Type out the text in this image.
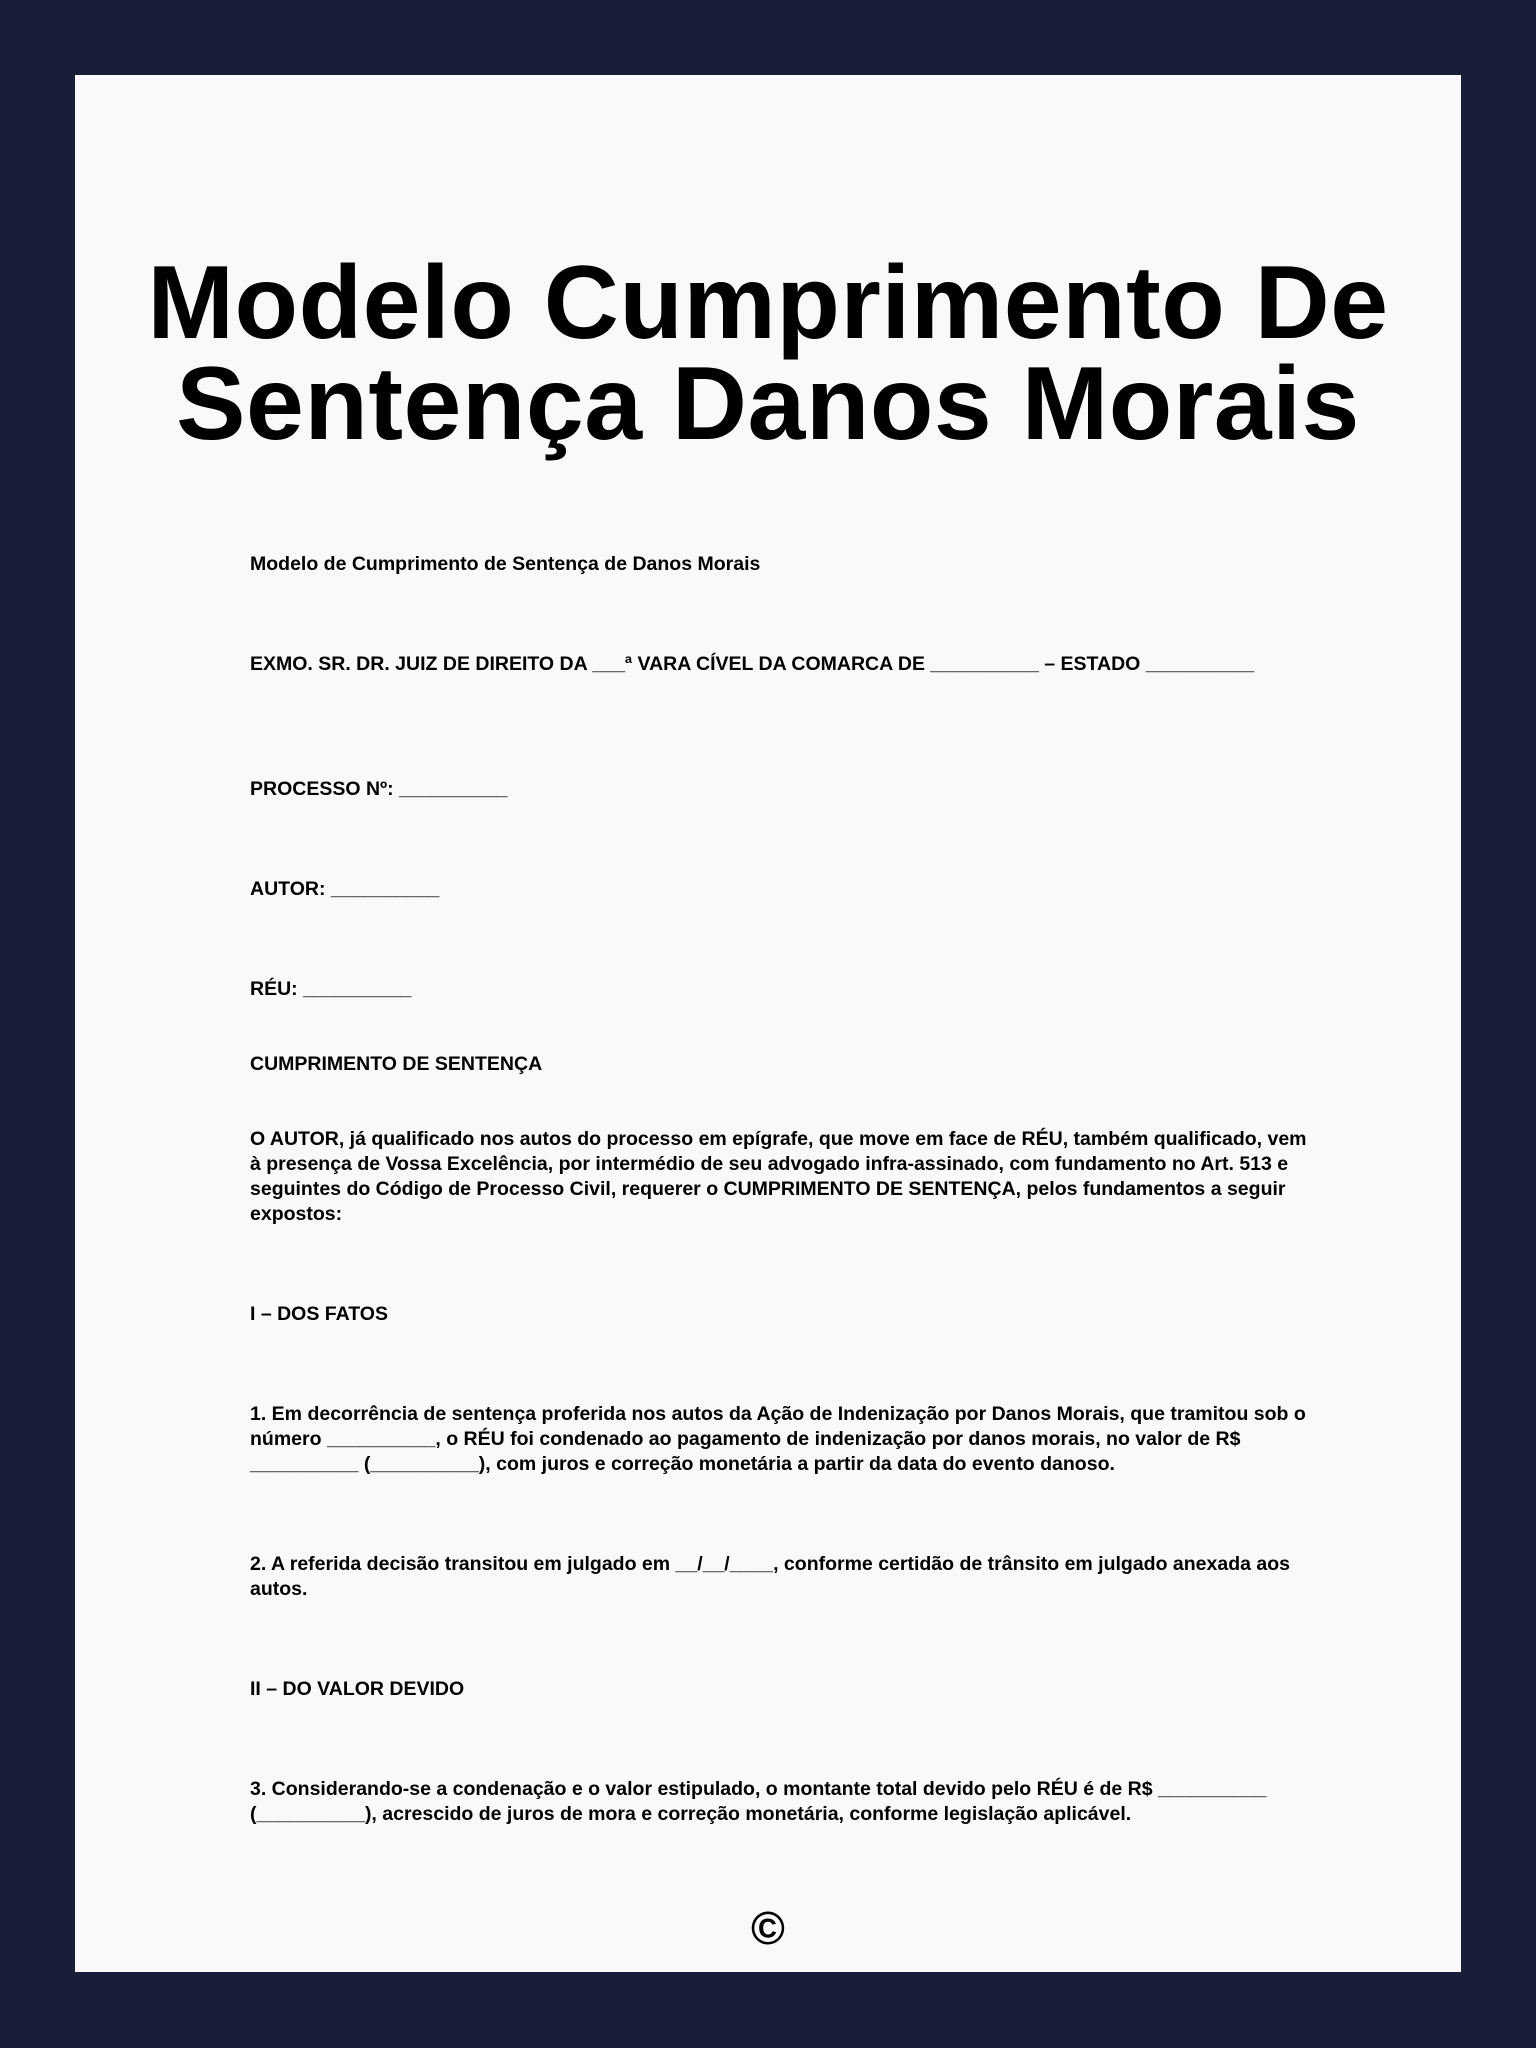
Modelo Cumprimento De
Sentença Danos Morais

Modelo de Cumprimento de Sentença de Danos Morais

EXMO. SR. DR. JUIZ DE DIREITO DA ___ª VARA CÍVEL DA COMARCA DE __________ – ESTADO __________

PROCESSO Nº: __________

AUTOR: __________

RÉU: __________

CUMPRIMENTO DE SENTENÇA

O AUTOR, já qualificado nos autos do processo em epígrafe, que move em face de RÉU, também qualificado, vem à presença de Vossa Excelência, por intermédio de seu advogado infra-assinado, com fundamento no Art. 513 e seguintes do Código de Processo Civil, requerer o CUMPRIMENTO DE SENTENÇA, pelos fundamentos a seguir expostos:

I – DOS FATOS

1. Em decorrência de sentença proferida nos autos da Ação de Indenização por Danos Morais, que tramitou sob o número __________, o RÉU foi condenado ao pagamento de indenização por danos morais, no valor de R$ __________ (__________), com juros e correção monetária a partir da data do evento danoso.

2. A referida decisão transitou em julgado em __/__/____, conforme certidão de trânsito em julgado anexada aos autos.

II – DO VALOR DEVIDO

3. Considerando-se a condenação e o valor estipulado, o montante total devido pelo RÉU é de R$ __________ (__________), acrescido de juros de mora e correção monetária, conforme legislação aplicável.

©
